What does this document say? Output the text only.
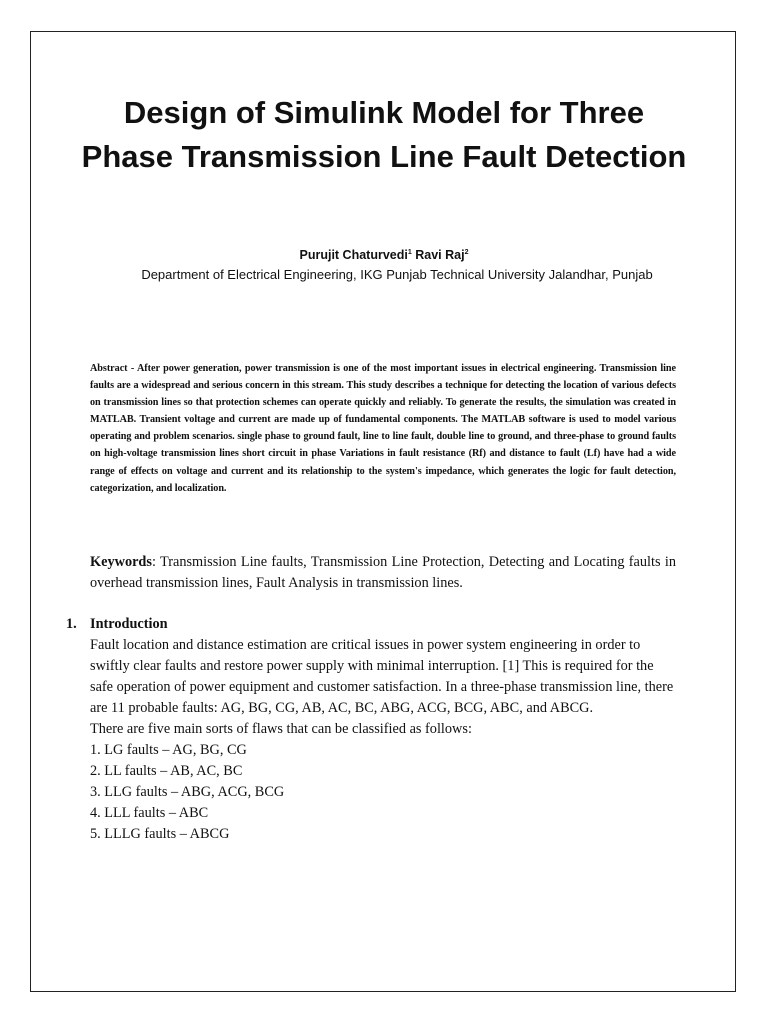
Design of Simulink Model for Three Phase Transmission Line Fault Detection
Purujit Chaturvedi$^1$ Ravi Raj$^2$
Department of Electrical Engineering, IKG Punjab Technical University Jalandhar, Punjab

Abstract - After power generation, power transmission is one of the most important issues in electrical engineering. Transmission line faults are a widespread and serious concern in this stream. This study describes a technique for detecting the location of various defects on transmission lines so that protection schemes can operate quickly and reliably. To generate the results, the simulation was created in MATLAB. Transient voltage and current are made up of fundamental components. The MATLAB software is used to model various operating and problem scenarios. single phase to ground fault, line to line fault, double line to ground, and three-phase to ground faults on high-voltage transmission lines short circuit in phase Variations in fault resistance (Rf) and distance to fault (Lf) have had a wide range of effects on voltage and current and its relationship to the system's impedance, which generates the logic for fault detection, categorization, and localization.

Keywords: Transmission Line faults, Transmission Line Protection, Detecting and Locating faults in overhead transmission lines, Fault Analysis in transmission lines.

1. Introduction

Fault location and distance estimation are critical issues in power system engineering in order to swiftly clear faults and restore power supply with minimal interruption. [1] This is required for the safe operation of power equipment and customer satisfaction. In a three-phase transmission line, there are 11 probable faults: AG, BG, CG, AB, AC, BC, ABG, ACG, BCG, ABC, and ABCG.

There are five main sorts of flaws that can be classified as follows:

1. LG faults – AG, BG, CG
2. LL faults – AB, AC, BC
3. LLG faults – ABG, ACG, BCG
4. LLL faults – ABC
5. LLLG faults – ABCG
